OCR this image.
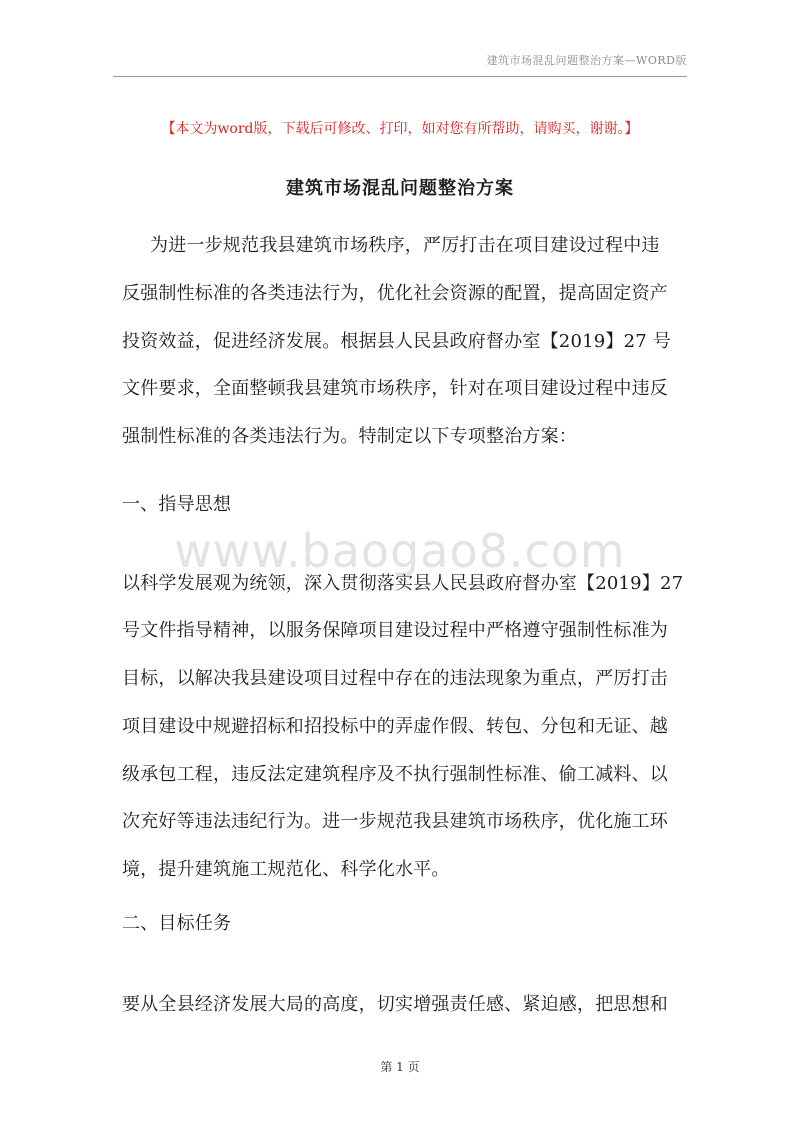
建筑市场混乱问题整治方案—WORD版
【本文为word版，下载后可修改、打印，如对您有所帮助，请购买，谢谢。】
建筑市场混乱问题整治方案
为进一步规范我县建筑市场秩序，严厉打击在项目建设过程中违
反强制性标准的各类违法行为，优化社会资源的配置，提高固定资产
投资效益，促进经济发展。根据县人民县政府督办室【2019】27 号
文件要求，全面整顿我县建筑市场秩序，针对在项目建设过程中违反
强制性标准的各类违法行为。特制定以下专项整治方案：
一、指导思想
www.baogao8.com
以科学发展观为统领，深入贯彻落实县人民县政府督办室【2019】27
号文件指导精神，以服务保障项目建设过程中严格遵守强制性标准为
目标，以解决我县建设项目过程中存在的违法现象为重点，严厉打击
项目建设中规避招标和招投标中的弄虚作假、转包、分包和无证、越
级承包工程，违反法定建筑程序及不执行强制性标准、偷工减料、以
次充好等违法违纪行为。进一步规范我县建筑市场秩序，优化施工环
境，提升建筑施工规范化、科学化水平。
二、目标任务
要从全县经济发展大局的高度，切实增强责任感、紧迫感，把思想和
第 1 页
